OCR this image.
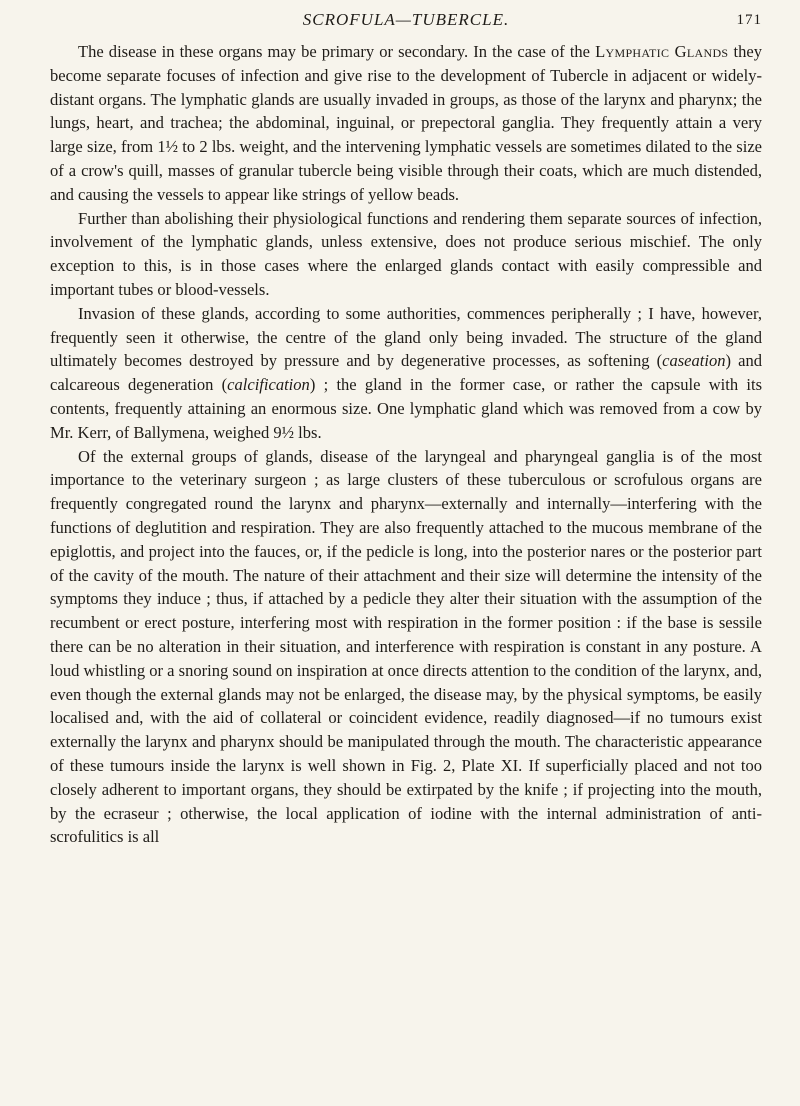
SCROFULA—TUBERCLE.	171

The disease in these organs may be primary or secondary. In the case of the Lymphatic Glands they become separate focuses of infection and give rise to the development of Tubercle in adjacent or widely-distant organs. The lymphatic glands are usually invaded in groups, as those of the larynx and pharynx; the lungs, heart, and trachea; the abdominal, inguinal, or prepectoral ganglia. They frequently attain a very large size, from 1½ to 2 lbs. weight, and the intervening lymphatic vessels are sometimes dilated to the size of a crow's quill, masses of granular tubercle being visible through their coats, which are much distended, and causing the vessels to appear like strings of yellow beads.

Further than abolishing their physiological functions and rendering them separate sources of infection, involvement of the lymphatic glands, unless extensive, does not produce serious mischief. The only exception to this, is in those cases where the enlarged glands contact with easily compressible and important tubes or blood-vessels.

Invasion of these glands, according to some authorities, commences peripherally ; I have, however, frequently seen it otherwise, the centre of the gland only being invaded. The structure of the gland ultimately becomes destroyed by pressure and by degenerative processes, as softening (caseation) and calcareous degeneration (calcification) ; the gland in the former case, or rather the capsule with its contents, frequently attaining an enormous size. One lymphatic gland which was removed from a cow by Mr. Kerr, of Ballymena, weighed 9½ lbs.

Of the external groups of glands, disease of the laryngeal and pharyngeal ganglia is of the most importance to the veterinary surgeon ; as large clusters of these tuberculous or scrofulous organs are frequently congregated round the larynx and pharynx—externally and internally—interfering with the functions of deglutition and respiration. They are also frequently attached to the mucous membrane of the epiglottis, and project into the fauces, or, if the pedicle is long, into the posterior nares or the posterior part of the cavity of the mouth. The nature of their attachment and their size will determine the intensity of the symptoms they induce ; thus, if attached by a pedicle they alter their situation with the assumption of the recumbent or erect posture, interfering most with respiration in the former position : if the base is sessile there can be no alteration in their situation, and interference with respiration is constant in any posture. A loud whistling or a snoring sound on inspiration at once directs attention to the condition of the larynx, and, even though the external glands may not be enlarged, the disease may, by the physical symptoms, be easily localised and, with the aid of collateral or coincident evidence, readily diagnosed—if no tumours exist externally the larynx and pharynx should be manipulated through the mouth. The characteristic appearance of these tumours inside the larynx is well shown in Fig. 2, Plate XI. If superficially placed and not too closely adherent to important organs, they should be extirpated by the knife ; if projecting into the mouth, by the ecraseur ; otherwise, the local application of iodine with the internal administration of anti-scrofulitics is all
